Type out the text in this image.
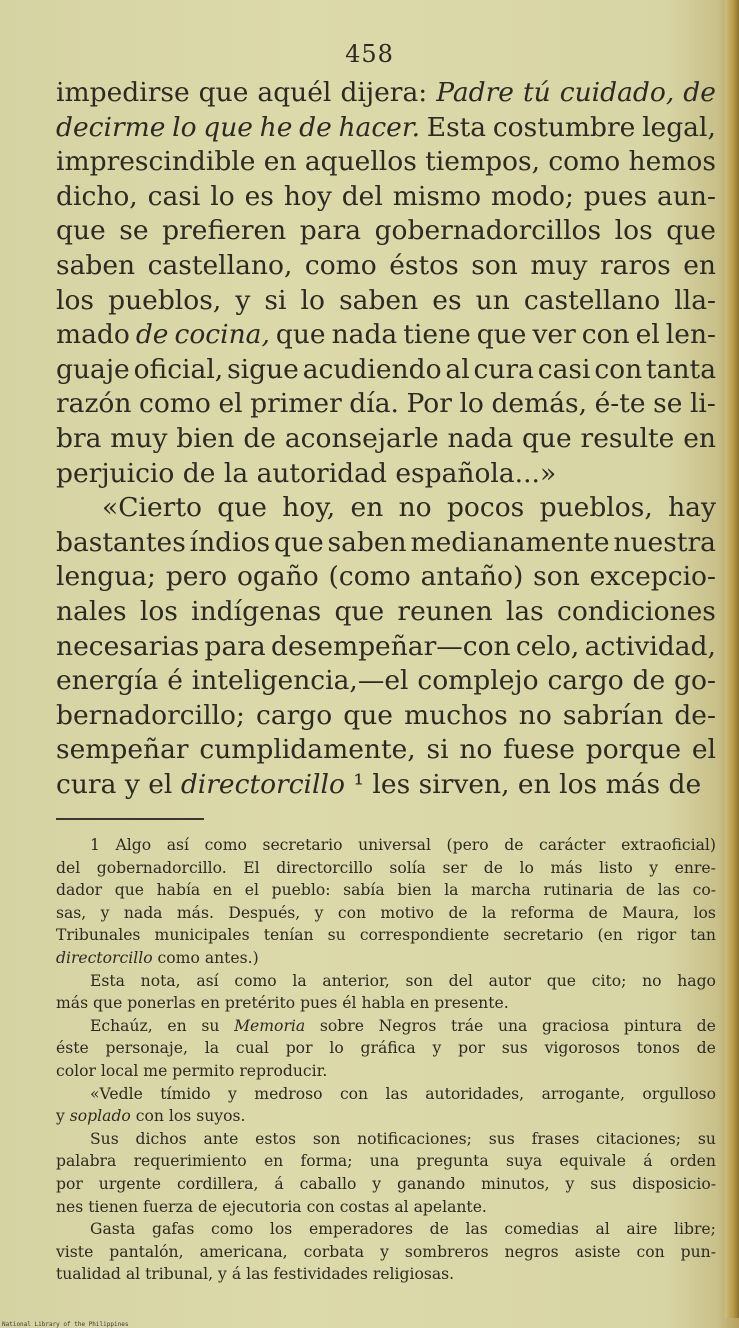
458
impedirse que aquél dijera: Padre tú cuidado, de
decirme lo que he de hacer. Esta costumbre legal,
imprescindible en aquellos tiempos, como hemos
dicho, casi lo es hoy del mismo modo; pues aun-
que se prefieren para gobernadorcillos los que
saben castellano, como éstos son muy raros en
los pueblos, y si lo saben es un castellano lla-
mado de cocina, que nada tiene que ver con el len-
guaje oficial, sigue acudiendo al cura casi con tanta
razón como el primer día. Por lo demás, é-te se li-
bra muy bien de aconsejarle nada que resulte en
perjuicio de la autoridad española...»
«Cierto que hoy, en no pocos pueblos, hay
bastantes índios que saben medianamente nuestra
lengua; pero ogaño (como antaño) son excepcio-
nales los indígenas que reunen las condiciones
necesarias para desempeñar—con celo, actividad,
energía é inteligencia,—el complejo cargo de go-
bernadorcillo; cargo que muchos no sabrían de-
sempeñar cumplidamente, si no fuese porque el
cura y el directorcillo ¹ les sirven, en los más de
1 Algo así como secretario universal (pero de carácter extraoficial)
del gobernadorcillo. El directorcillo solía ser de lo más listo y enre-
dador que había en el pueblo: sabía bien la marcha rutinaria de las co-
sas, y nada más. Después, y con motivo de la reforma de Maura, los
Tribunales municipales tenían su correspondiente secretario (en rigor tan
directorcillo como antes.)
Esta nota, así como la anterior, son del autor que cito; no hago
más que ponerlas en pretérito pues él habla en presente.
Echaúz, en su Memoria sobre Negros tráe una graciosa pintura de
éste personaje, la cual por lo gráfica y por sus vigorosos tonos de
color local me permito reproducir.
«Vedle tímido y medroso con las autoridades, arrogante, orgulloso
y soplado con los suyos.
Sus dichos ante estos son notificaciones; sus frases citaciones; su
palabra requerimiento en forma; una pregunta suya equivale á orden
por urgente cordillera, á caballo y ganando minutos, y sus disposicio-
nes tienen fuerza de ejecutoria con costas al apelante.
Gasta gafas como los emperadores de las comedias al aire libre;
viste pantalón, americana, corbata y sombreros negros asiste con pun-
tualidad al tribunal, y á las festividades religiosas.
National Library of the Philippines
